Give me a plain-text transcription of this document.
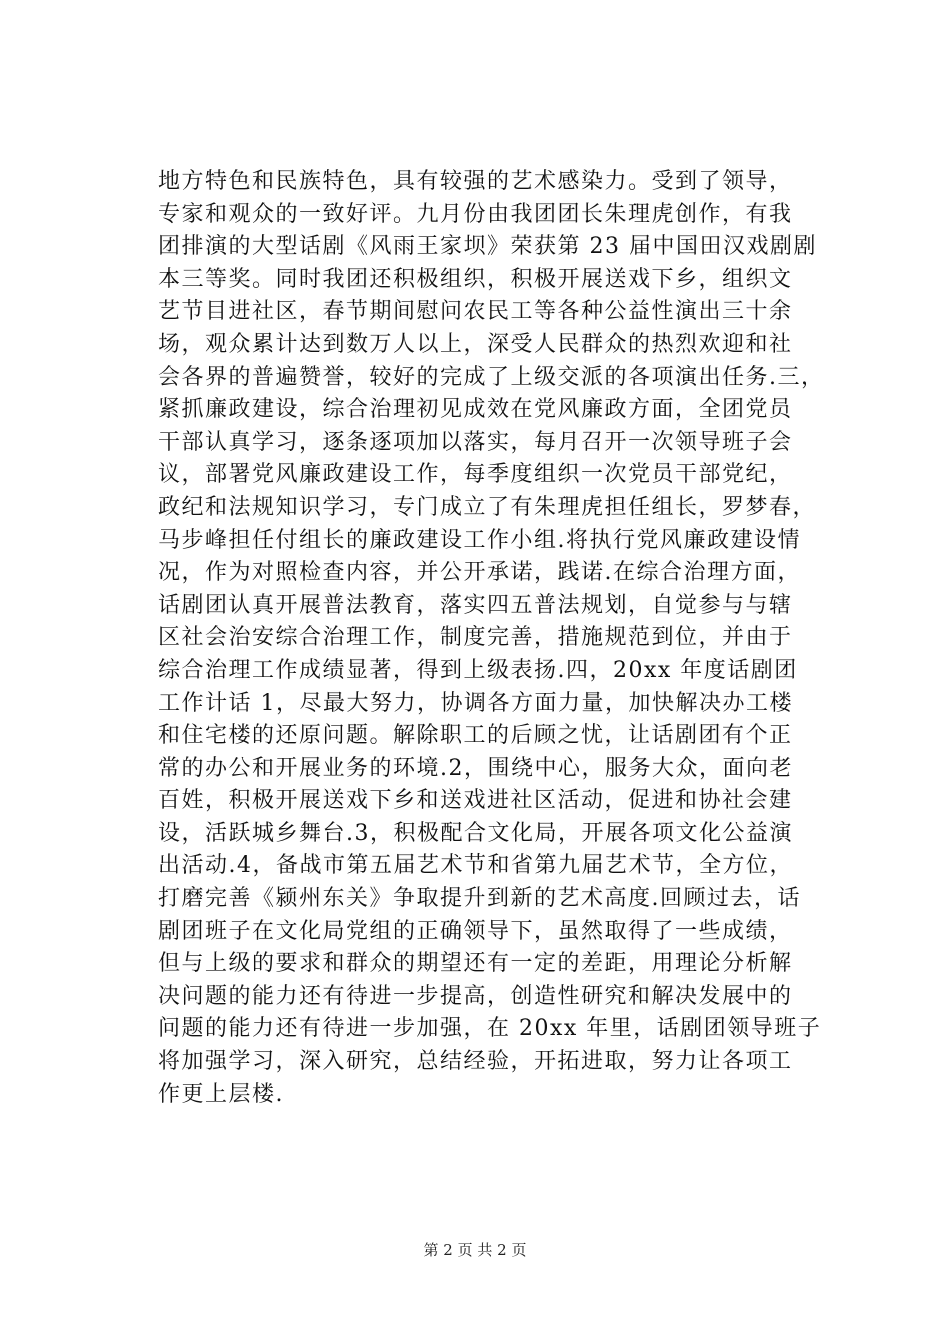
地方特色和民族特色，具有较强的艺术感染力。受到了领导，
专家和观众的一致好评。九月份由我团团长朱理虎创作，有我
团排演的大型话剧《风雨王家坝》荣获第 23 届中国田汉戏剧剧
本三等奖。同时我团还积极组织，积极开展送戏下乡，组织文
艺节目进社区，春节期间慰问农民工等各种公益性演出三十余
场，观众累计达到数万人以上，深受人民群众的热烈欢迎和社
会各界的普遍赞誉，较好的完成了上级交派的各项演出任务.三，
紧抓廉政建设，综合治理初见成效在党风廉政方面，全团党员
干部认真学习，逐条逐项加以落实，每月召开一次领导班子会
议，部署党风廉政建设工作，每季度组织一次党员干部党纪，
政纪和法规知识学习，专门成立了有朱理虎担任组长，罗梦春，
马步峰担任付组长的廉政建设工作小组.将执行党风廉政建设情
况，作为对照检查内容，并公开承诺，践诺.在综合治理方面，
话剧团认真开展普法教育，落实四五普法规划，自觉参与与辖
区社会治安综合治理工作，制度完善，措施规范到位，并由于
综合治理工作成绩显著，得到上级表扬.四，20xx 年度话剧团
工作计话 1，尽最大努力，协调各方面力量，加快解决办工楼
和住宅楼的还原问题。解除职工的后顾之忧，让话剧团有个正
常的办公和开展业务的环境.2，围绕中心，服务大众，面向老
百姓，积极开展送戏下乡和送戏进社区活动，促进和协社会建
设，活跃城乡舞台.3，积极配合文化局，开展各项文化公益演
出活动.4，备战市第五届艺术节和省第九届艺术节，全方位，
打磨完善《颍州东关》争取提升到新的艺术高度.回顾过去，话
剧团班子在文化局党组的正确领导下，虽然取得了一些成绩，
但与上级的要求和群众的期望还有一定的差距，用理论分析解
决问题的能力还有待进一步提高，创造性研究和解决发展中的
问题的能力还有待进一步加强，在 20xx 年里，话剧团领导班子
将加强学习，深入研究，总结经验，开拓进取，努力让各项工
作更上层楼.
第 2 页 共 2 页
